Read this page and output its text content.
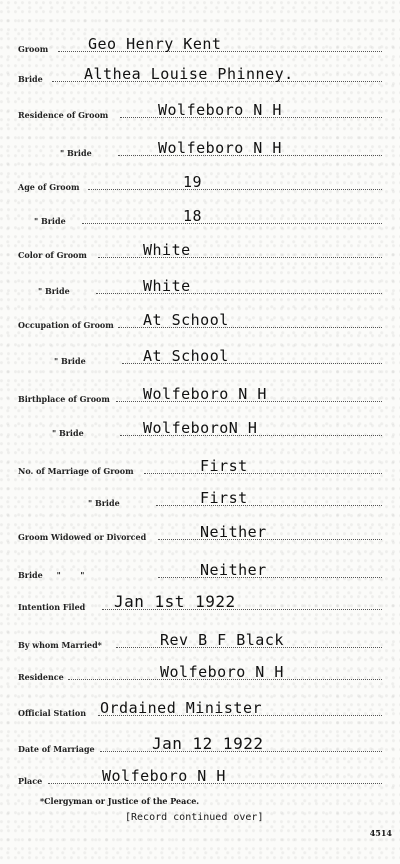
Groom	Geo Henry Kent
Bride	Althea Louise Phinney.
Residence of Groom	Wolfeboro N H
" Bride	Wolfeboro N H
Age of Groom	19
" Bride	18
Color of Groom	White
" Bride	White
Occupation of Groom At School
" Bride	At School
Birthplace of Groom Wolfeboro N H
" Bride	WolfeboroN H
No. of Marriage of Groom	First
" Bride	First
Groom Widowed or Divorced	Neither
Bride     "       "	Neither
Intention Filed Jan 1st 1922
By whom Married*	Rev B F Black
Residence	Wolfeboro N H
Official Station Ordained Minister
Date of Marriage	Jan 12 1922
Place	Wolfeboro N H
*Clergyman or Justice of the Peace.
[Record continued over]
4514
